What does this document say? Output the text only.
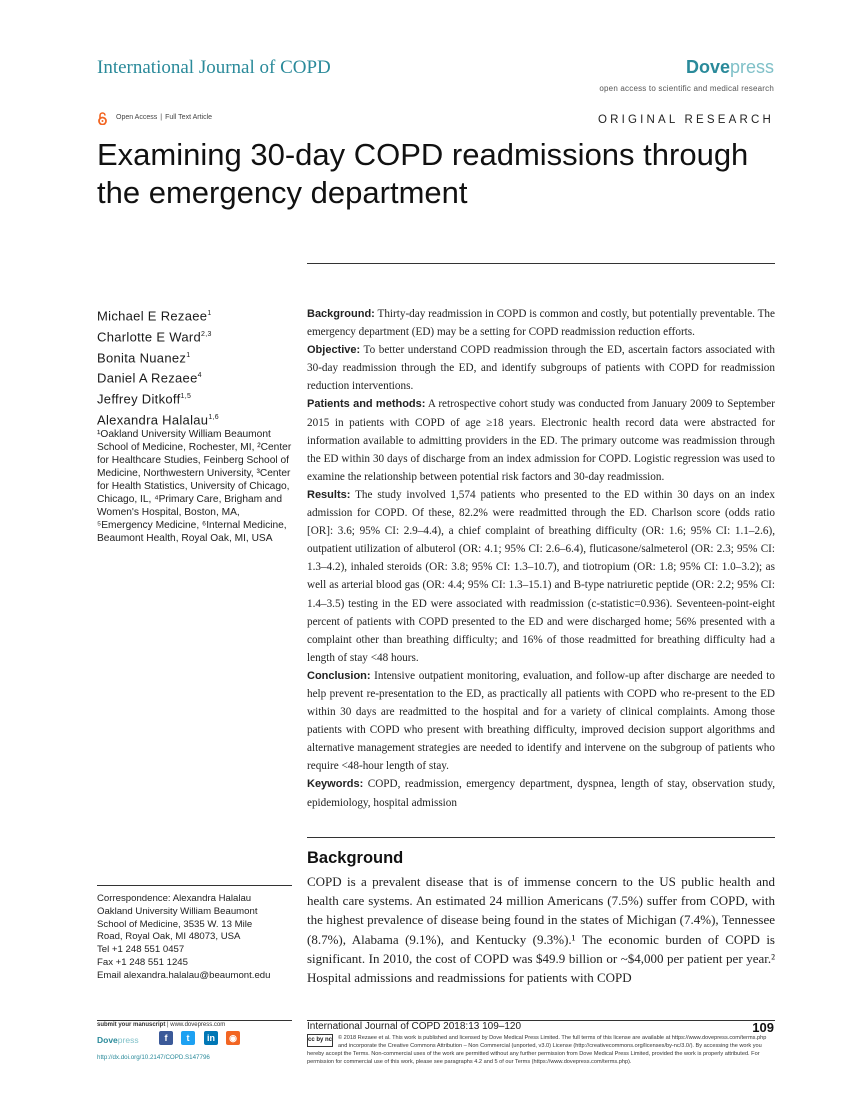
International Journal of COPD	Dovepress
open access to scientific and medical research
Open Access | Full Text Article	ORIGINAL RESEARCH
Examining 30-day COPD readmissions through the emergency department
Michael E Rezaee$^1$
Charlotte E Ward$^{2,3}$
Bonita Nuanez$^1$
Daniel A Rezaee$^4$
Jeffrey Ditkoff$^{1,5}$
Alexandra Halalau$^{1,6}$
¹Oakland University William Beaumont School of Medicine, Rochester, MI, ²Center for Healthcare Studies, Feinberg School of Medicine, Northwestern University, ³Center for Health Statistics, University of Chicago, Chicago, IL, ⁴Primary Care, Brigham and Women's Hospital, Boston, MA, ⁵Emergency Medicine, ⁶Internal Medicine, Beaumont Health, Royal Oak, MI, USA

Background: Thirty-day readmission in COPD is common and costly, but potentially preventable. The emergency department (ED) may be a setting for COPD readmission reduction efforts.

Objective: To better understand COPD readmission through the ED, ascertain factors associated with 30-day readmission through the ED, and identify subgroups of patients with COPD for readmission reduction interventions.

Patients and methods: A retrospective cohort study was conducted from January 2009 to September 2015 in patients with COPD of age ≥18 years. Electronic health record data were abstracted for information available to admitting providers in the ED. The primary outcome was readmission through the ED within 30 days of discharge from an index admission for COPD. Logistic regression was used to examine the relationship between potential risk factors and 30-day readmission.

Results: The study involved 1,574 patients who presented to the ED within 30 days on an index admission for COPD. Of these, 82.2% were readmitted through the ED. Charlson score (odds ratio [OR]: 3.6; 95% CI: 2.9–4.4), a chief complaint of breathing difficulty (OR: 1.6; 95% CI: 1.1–2.6), outpatient utilization of albuterol (OR: 4.1; 95% CI: 2.6–6.4), fluticasone/salmeterol (OR: 2.3; 95% CI: 1.3–4.2), inhaled steroids (OR: 3.8; 95% CI: 1.3–10.7), and tiotropium (OR: 1.8; 95% CI: 1.0–3.2); as well as arterial blood gas (OR: 4.4; 95% CI: 1.3–15.1) and B-type natriuretic peptide (OR: 2.2; 95% CI: 1.4–3.5) testing in the ED were associated with readmission (c-statistic=0.936). Seventeen-point-eight percent of patients with COPD presented to the ED and were discharged home; 56% presented with a complaint other than breathing difficulty; and 16% of those readmitted for breathing difficulty had a length of stay <48 hours.

Conclusion: Intensive outpatient monitoring, evaluation, and follow-up after discharge are needed to help prevent re-presentation to the ED, as practically all patients with COPD who re-present to the ED within 30 days are readmitted to the hospital and for a variety of clinical complaints. Among those patients with COPD who present with breathing difficulty, improved decision support algorithms and alternative management strategies are needed to identify and intervene on the subgroup of patients who require <48-hour length of stay.

Keywords: COPD, readmission, emergency department, dyspnea, length of stay, observation study, epidemiology, hospital admission

Background
COPD is a prevalent disease that is of immense concern to the US public health and health care systems. An estimated 24 million Americans (7.5%) suffer from COPD, with the highest prevalence of disease being found in the states of Michigan (7.4%), Tennessee (8.7%), Alabama (9.1%), and Kentucky (9.3%).¹ The economic burden of COPD is significant. In 2010, the cost of COPD was $49.9 billion or ~$4,000 per patient per year.² Hospital admissions and readmissions for patients with COPD
Correspondence: Alexandra Halalau
Oakland University William Beaumont
School of Medicine, 3535 W. 13 Mile
Road, Royal Oak, MI 48073, USA
Tel +1 248 551 0457
Fax +1 248 551 1245
Email alexandra.halalau@beaumont.edu
submit your manuscript | www.dovepress.com
Dovepress	f	t	in	◉
http://dx.doi.org/10.2147/COPD.S147796
International Journal of COPD 2018:13 109–120	109
cc by nc © 2018 Rezaee et al. This work is published and licensed by Dove Medical Press Limited. The full terms of this license are available at https://www.dovepress.com/terms.php and incorporate the Creative Commons Attribution – Non Commercial (unported, v3.0) License (http://creativecommons.org/licenses/by-nc/3.0/). By accessing the work you
hereby accept the Terms. Non-commercial uses of the work are permitted without any further permission from Dove Medical Press Limited, provided the work is properly attributed. For permission for commercial use of this work, please see paragraphs 4.2 and 5 of our Terms (https://www.dovepress.com/terms.php).
